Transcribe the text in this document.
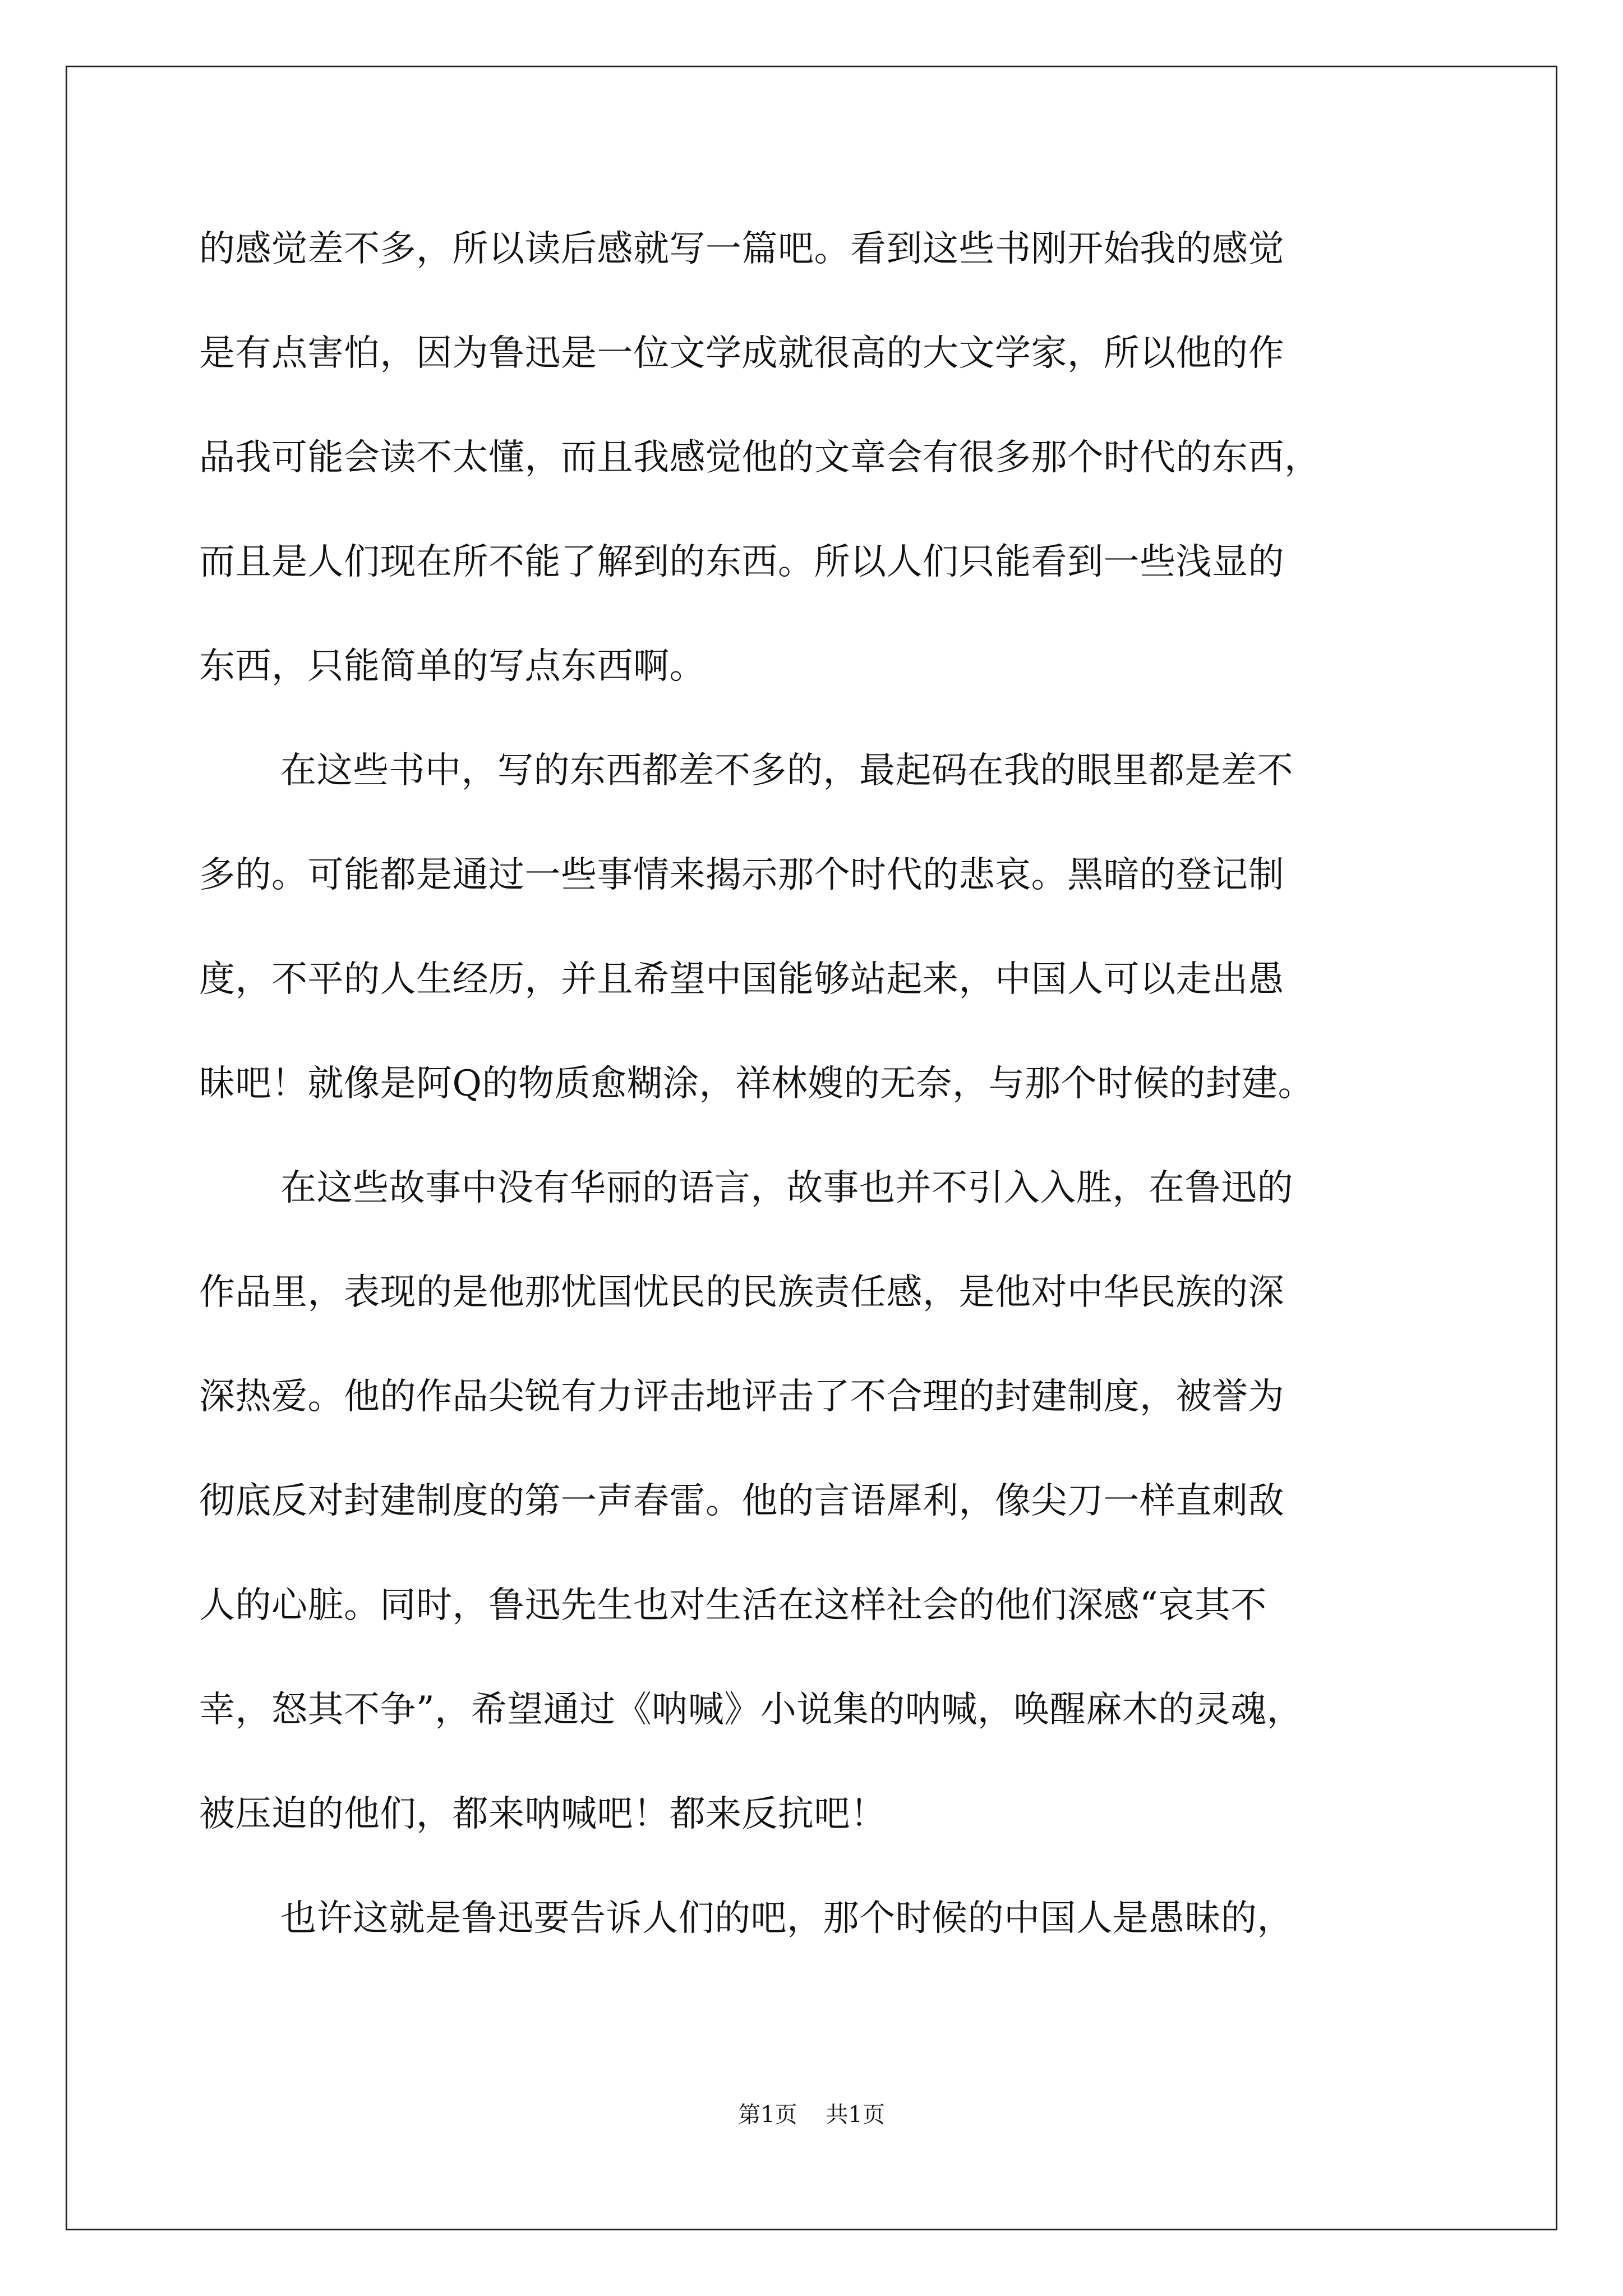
的感觉差不多，所以读后感就写一篇吧。看到这些书刚开始我的感觉
是有点害怕，因为鲁迅是一位文学成就很高的大文学家，所以他的作
品我可能会读不太懂，而且我感觉他的文章会有很多那个时代的东西，
而且是人们现在所不能了解到的东西。所以人们只能看到一些浅显的
东西，只能简单的写点东西啊。
在这些书中，写的东西都差不多的，最起码在我的眼里都是差不
多的。可能都是通过一些事情来揭示那个时代的悲哀。黑暗的登记制
度，不平的人生经历，并且希望中国能够站起来，中国人可以走出愚
昧吧！就像是阿Q的物质愈糊涂，祥林嫂的无奈，与那个时候的封建。
在这些故事中没有华丽的语言，故事也并不引入入胜，在鲁迅的
作品里，表现的是他那忧国忧民的民族责任感，是他对中华民族的深
深热爱。他的作品尖锐有力评击地评击了不合理的封建制度，被誉为
彻底反对封建制度的第一声春雷。他的言语犀利，像尖刀一样直刺敌
人的心脏。同时，鲁迅先生也对生活在这样社会的他们深感“哀其不
幸，怒其不争”，希望通过《呐喊》小说集的呐喊，唤醒麻木的灵魂，
被压迫的他们，都来呐喊吧！都来反抗吧！
也许这就是鲁迅要告诉人们的吧，那个时候的中国人是愚昧的，
第1页 共1页
